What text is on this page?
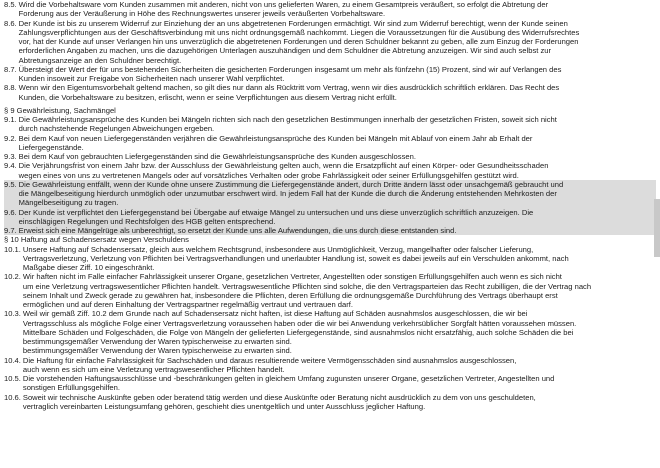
8.5. Wird die Vorbehaltsware vom Kunden zusammen mit anderen, nicht von uns gelieferten Waren, zu einem Gesamtpreis veräußert, so erfolgt die Abtretung der
Forderung aus der Veräußerung in Höhe des Rechnungswertes unserer jeweils veräußerten Vorbehaltsware.
8.6. Der Kunde ist bis zu unserem Widerruf zur Einziehung der an uns abgetretenen Forderungen ermächtigt. Wir sind zum Widerruf berechtigt, wenn der Kunde seinen
Zahlungsverpflichtungen aus der Geschäftsverbindung mit uns nicht ordnungsgemäß nachkommt. Liegen die Voraussetzungen für die Ausübung des Widerrufsrechtes
vor, hat der Kunde auf unser Verlangen hin uns unverzüglich die abgetretenen Forderungen und deren Schuldner bekannt zu geben, alle zum Einzug der Forderungen
erforderlichen Angaben zu machen, uns die dazugehörigen Unterlagen auszuhändigen und dem Schuldner die Abtretung anzuzeigen. Wir sind auch selbst zur
Abtretungsanzeige an den Schuldner berechtigt.
8.7. Übersteigt der Wert der für uns bestehenden Sicherheiten die gesicherten Forderungen insgesamt um mehr als fünfzehn (15) Prozent, sind wir auf Verlangen des
Kunden insoweit zur Freigabe von Sicherheiten nach unserer Wahl verpflichtet.
8.8. Wenn wir den Eigentumsvorbehalt geltend machen, so gilt dies nur dann als Rücktritt vom Vertrag, wenn wir dies ausdrücklich schriftlich erklären. Das Recht des
Kunden, die Vorbehaltsware zu besitzen, erlischt, wenn er seine Verpflichtungen aus diesem Vertrag nicht erfüllt.
§ 9 Gewährleistung, Sachmängel
9.1. Die Gewährleistungsansprüche des Kunden bei Mängeln richten sich nach den gesetzlichen Bestimmungen innerhalb der gesetzlichen Fristen, soweit sich nicht
durch nachstehende Regelungen Abweichungen ergeben.
9.2. Bei dem Kauf von neuen Liefergegenständen verjähren die Gewährleistungsansprüche des Kunden bei Mängeln mit Ablauf von einem Jahr ab Erhalt der
Liefergegenstände.
9.3. Bei dem Kauf von gebrauchten Liefergegenständen sind die Gewährleistungsansprüche des Kunden ausgeschlossen.
9.4. Die Verjährungsfrist von einem Jahr bzw. der Ausschluss der Gewährleistung gelten auch, wenn die Ersatzpflicht auf einen Körper- oder Gesundheitsschaden
wegen eines von uns zu vertretenen Mangels oder auf vorsätzliches Verhalten oder grobe Fahrlässigkeit oder seiner Erfüllungsgehilfen gestützt wird.
9.5. Die Gewährleistung entfällt, wenn der Kunde ohne unsere Zustimmung die Liefergegenstände ändert, durch Dritte ändern lässt oder unsachgemäß gebraucht und
die Mängelbeseitigung hierdurch unmöglich oder unzumutbar erschwert wird. In jedem Fall hat der Kunde die durch die Änderung entstehenden Mehrkosten der
Mängelbeseitigung zu tragen.
9.6. Der Kunde ist verpflichtet den Liefergegenstand bei Übergabe auf etwaige Mängel zu untersuchen und uns diese unverzüglich schriftlich anzuzeigen. Die
einschlägigen Regelungen und Rechtsfolgen des HGB gelten entsprechend.
9.7. Erweist sich eine Mängelrüge als unberechtigt, so ersetzt der Kunde uns alle Aufwendungen, die uns durch diese entstanden sind.
§ 10 Haftung auf Schadensersatz wegen Verschuldens
10.1. Unsere Haftung auf Schadensersatz, gleich aus welchem Rechtsgrund, insbesondere aus Unmöglichkeit, Verzug, mangelhafter oder falscher Lieferung,
Vertragsverletzung, Verletzung von Pflichten bei Vertragsverhandlungen und unerlaubter Handlung ist, soweit es dabei jeweils auf ein Verschulden ankommt, nach
Maßgabe dieser Ziff. 10 eingeschränkt.
10.2. Wir haften nicht im Falle einfacher Fahrlässigkeit unserer Organe, gesetzlichen Vertreter, Angestellten oder sonstigen Erfüllungsgehilfen auch wenn es sich nicht
um eine Verletzung vertragswesentlicher Pflichten handelt. Vertragswesentliche Pflichten sind solche, die den Vertragsparteien das Recht zubilligen, die der Vertrag nach
seinem Inhalt und Zweck gerade zu gewähren hat, insbesondere die Pflichten, deren Erfüllung die ordnungsgemäße Durchführung des Vertrags überhaupt erst
ermöglichen und auf deren Einhaltung der Vertragspartner regelmäßig vertraut und vertrauen darf.
10.3. Weil wir gemäß Ziff. 10.2 dem Grunde nach auf Schadensersatz nicht haften, ist diese Haftung auf Schäden ausnahmslos ausgeschlossen, die wir bei
Vertragsschluss als mögliche Folge einer Vertragsverletzung voraussehen haben oder die wir bei Anwendung verkehrsüblicher Sorgfalt hätten voraussehen müssen.
Mittelbare Schäden und Folgeschäden, die Folge von Mängeln der gelieferten Liefergegenstände, sind ausnahmslos nicht ersatzfähig, auch solche Schäden die bei
bestimmungsgemäßer Verwendung der Waren typischerweise zu erwarten sind.
bestimmungsgemäßer Verwendung der Waren typischerweise zu erwarten sind.
10.4. Die Haftung für einfache Fahrlässigkeit für Sachschäden und daraus resultierende weitere Vermögensschäden sind ausnahmslos ausgeschlossen,
auch wenn es sich um eine Verletzung vertragswesentlicher Pflichten handelt.
10.5. Die vorstehenden Haftungsausschlüsse und -beschränkungen gelten in gleichem Umfang zugunsten unserer Organe, gesetzlichen Vertreter, Angestellten und
sonstigen Erfüllungsgehilfen.
10.6. Soweit wir technische Auskünfte geben oder beratend tätig werden und diese Auskünfte oder Beratung nicht ausdrücklich zu dem von uns geschuldeten,
vertraglich vereinbarten Leistungsumfang gehören, geschieht dies unentgeltlich und unter Ausschluss jeglicher Haftung.
